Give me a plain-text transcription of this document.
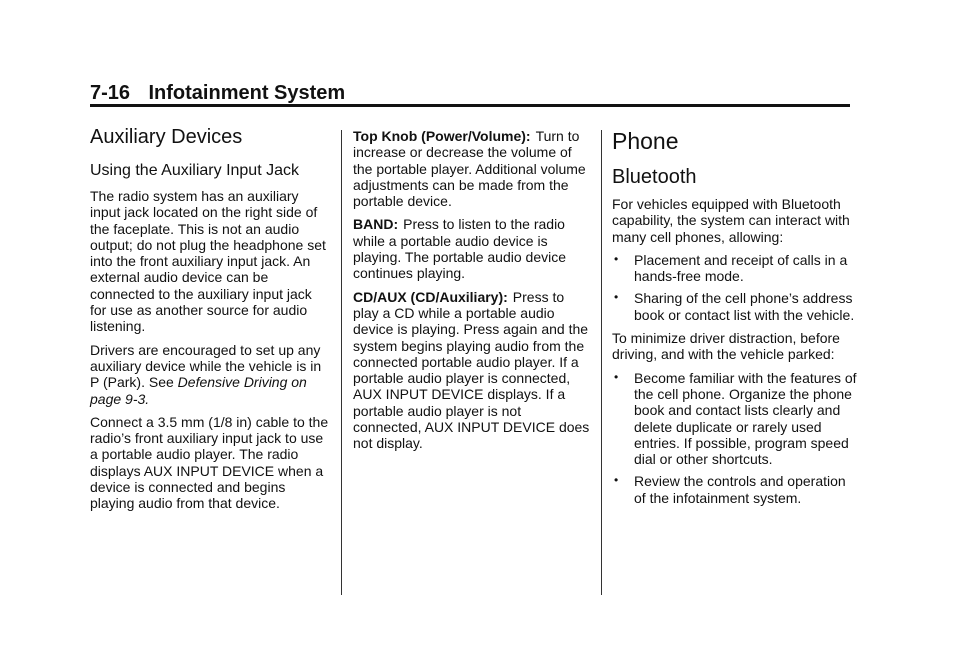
7-16 Infotainment System
Auxiliary Devices
Using the Auxiliary Input Jack

The radio system has an auxiliary input jack located on the right side of the faceplate. This is not an audio output; do not plug the headphone set into the front auxiliary input jack. An external audio device can be connected to the auxiliary input jack for use as another source for audio listening.

Drivers are encouraged to set up any auxiliary device while the vehicle is in P (Park). See Defensive Driving on page 9-3.

Connect a 3.5 mm (1/8 in) cable to the radio’s front auxiliary input jack to use a portable audio player. The radio displays AUX INPUT DEVICE when a device is connected and begins playing audio from that device.

Top Knob (Power/Volume): Turn to increase or decrease the volume of the portable player. Additional volume adjustments can be made from the portable device.

BAND: Press to listen to the radio while a portable audio device is playing. The portable audio device continues playing.

CD/AUX (CD/Auxiliary): Press to play a CD while a portable audio device is playing. Press again and the system begins playing audio from the connected portable audio player. If a portable audio player is connected, AUX INPUT DEVICE displays. If a portable audio player is not connected, AUX INPUT DEVICE does not display.

Phone
Bluetooth

For vehicles equipped with Bluetooth capability, the system can interact with many cell phones, allowing:

• Placement and receipt of calls in a hands-free mode.
• Sharing of the cell phone’s address book or contact list with the vehicle.

To minimize driver distraction, before driving, and with the vehicle parked:

• Become familiar with the features of the cell phone. Organize the phone book and contact lists clearly and delete duplicate or rarely used entries. If possible, program speed dial or other shortcuts.
• Review the controls and operation of the infotainment system.
